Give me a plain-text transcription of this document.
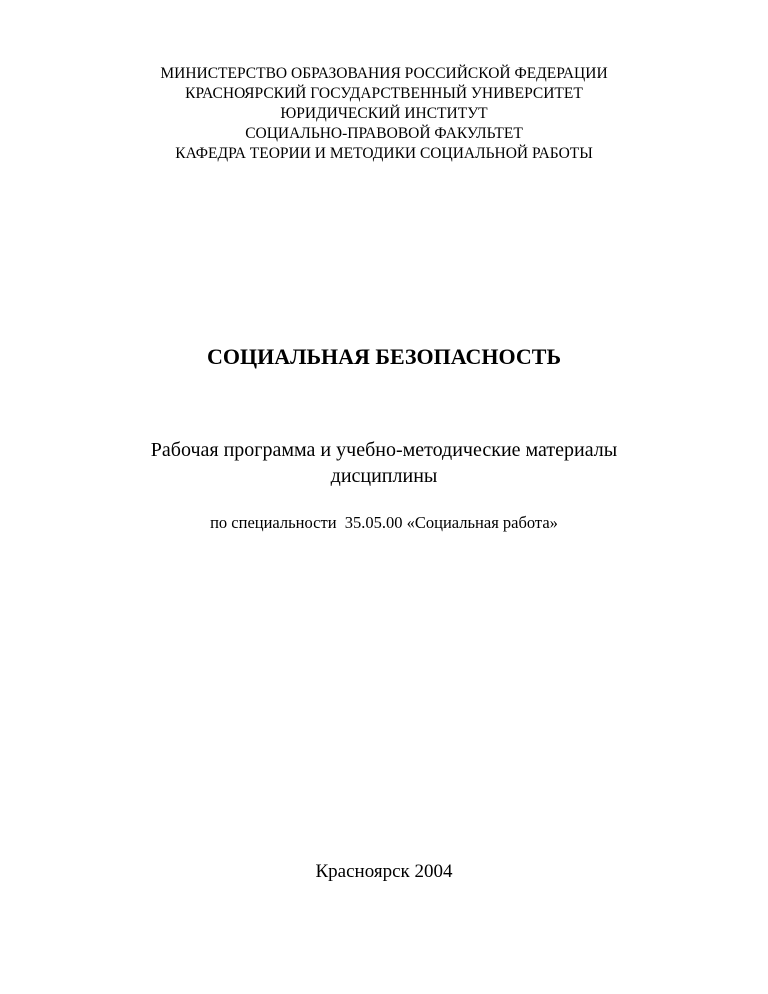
МИНИСТЕРСТВО ОБРАЗОВАНИЯ РОССИЙСКОЙ ФЕДЕРАЦИИ
КРАСНОЯРСКИЙ ГОСУДАРСТВЕННЫЙ УНИВЕРСИТЕТ
ЮРИДИЧЕСКИЙ ИНСТИТУТ
СОЦИАЛЬНО-ПРАВОВОЙ ФАКУЛЬТЕТ
КАФЕДРА ТЕОРИИ И МЕТОДИКИ СОЦИАЛЬНОЙ РАБОТЫ
СОЦИАЛЬНАЯ БЕЗОПАСНОСТЬ
Рабочая программа и учебно-методические материалы
дисциплины
по специальности  35.05.00 «Социальная работа»
Красноярск 2004
